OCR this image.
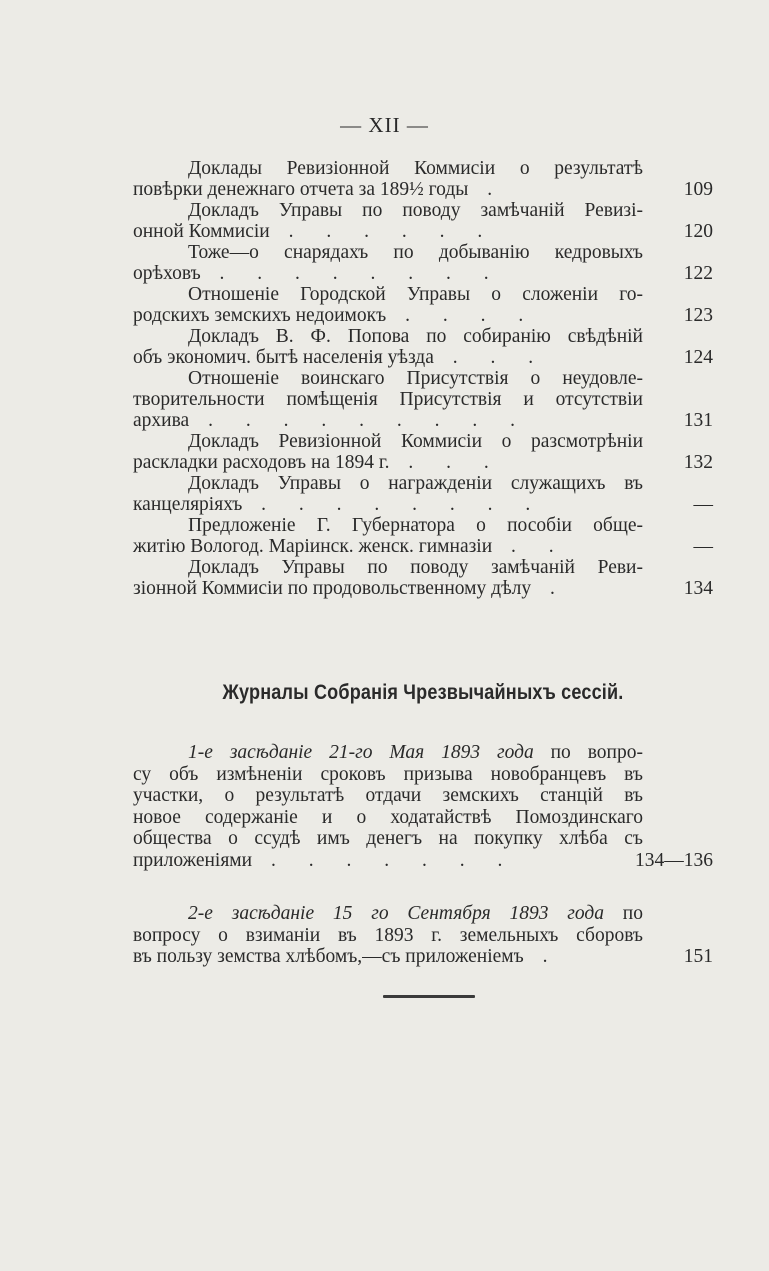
— XII —
Доклады Ревизіонной Коммисіи о результатѣ
повѣрки денежнаго отчета за 189½ годы .	109
Докладъ Управы по поводу замѣчаній Ревизі-
онной Коммисіи . . . . . .	120
Тоже—о снарядахъ по добыванію кедровыхъ
орѣховъ . . . . . . . .	122
Отношеніе Городской Управы о сложеніи го-
родскихъ земскихъ недоимокъ . . . .	123
Докладъ В. Ф. Попова по собиранію свѣдѣній
объ экономич. бытѣ населенія уѣзда . . .	124
Отношеніе воинскаго Присутствія о неудовле-
творительности помѣщенія Присутствія и отсутствіи
архива . . . . . . . . .	131
Докладъ Ревизіонной Коммисіи о разсмотрѣніи
раскладки расходовъ на 1894 г. . . .	132
Докладъ Управы о награжденіи служащихъ въ
канцеляріяхъ . . . . . . . .	—
Предложеніе Г. Губернатора о пособіи обще-
житію Вологод. Маріинск. женск. гимназіи . .	—
Докладъ Управы по поводу замѣчаній Реви-
зіонной Коммисіи по продовольственному дѣлу .	134
Журналы Собранія Чрезвычайныхъ сессій.
1-е засѣданіе 21-го Мая 1893 года по вопро-
су объ измѣненіи сроковъ призыва новобранцевъ въ
участки, о результатѣ отдачи земскихъ станцій въ
новое содержаніе и о ходатайствѣ Помоздинскаго
общества о ссудѣ имъ денегъ на покупку хлѣба съ
приложеніями . . . . . . .	134—136
2-е засѣданіе 15 го Сентября 1893 года по
вопросу о взиманіи въ 1893 г. земельныхъ сборовъ
въ пользу земства хлѣбомъ,—съ приложеніемъ .	151
